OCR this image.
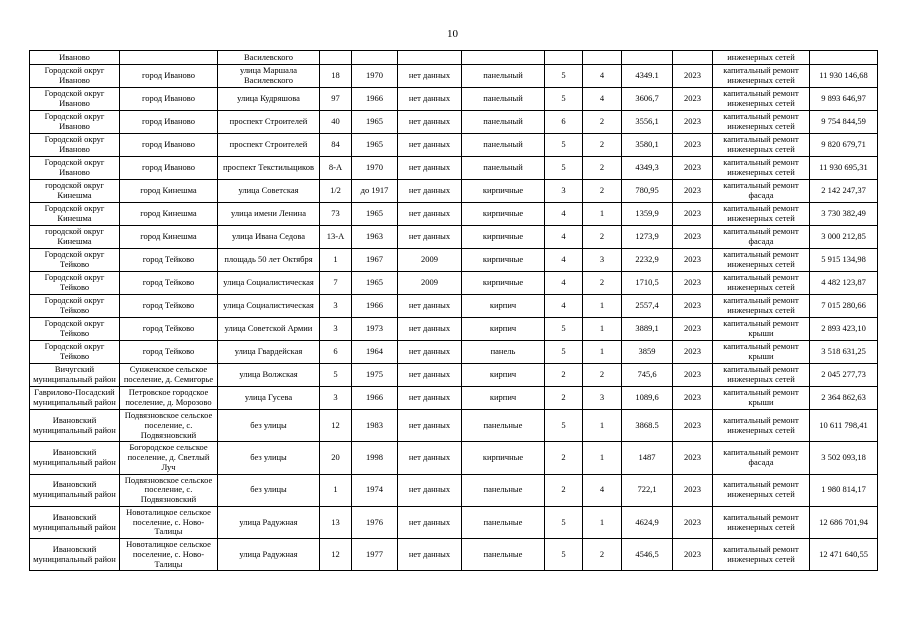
10
Иваново		Василевского									инженерных сетей	
Городской округ Иваново	город Иваново	улица Маршала Василевского	18	1970	нет данных	панельный	5	4	4349.1	2023	капитальный ремонт инженерных сетей	11 930 146,68
Городской округ Иваново	город Иваново	улица Кудряшова	97	1966	нет данных	панельный	5	4	3606,7	2023	капитальный ремонт инженерных сетей	9 893 646,97
Городской округ Иваново	город Иваново	проспект Строителей	40	1965	нет данных	панельный	6	2	3556,1	2023	капитальный ремонт инженерных сетей	9 754 844,59
Городской округ Иваново	город Иваново	проспект Строителей	84	1965	нет данных	панельный	5	2	3580,1	2023	капитальный ремонт инженерных сетей	9 820 679,71
Городской округ Иваново	город Иваново	проспект Текстильщиков	8-А	1970	нет данных	панельный	5	2	4349,3	2023	капитальный ремонт инженерных сетей	11 930 695,31
городской округ Кинешма	город Кинешма	улица Советская	1/2	до 1917	нет данных	кирпичные	3	2	780,95	2023	капитальный ремонт фасада	2 142 247,37
Городской округ Кинешма	город Кинешма	улица имени Ленина	73	1965	нет данных	кирпичные	4	1	1359,9	2023	капитальный ремонт инженерных сетей	3 730 382,49
городской округ Кинешма	город Кинешма	улица Ивана Седова	13-А	1963	нет данных	кирпичные	4	2	1273,9	2023	капитальный ремонт фасада	3 000 212,85
Городской округ Тейково	город Тейково	площадь 50 лет Октября	1	1967	2009	кирпичные	4	3	2232,9	2023	капитальный ремонт инженерных сетей	5 915 134,98
Городской округ Тейково	город Тейково	улица Социалистическая	7	1965	2009	кирпичные	4	2	1710,5	2023	капитальный ремонт инженерных сетей	4 482 123,87
Городской округ Тейково	город Тейково	улица Социалистическая	3	1966	нет данных	кирпич	4	1	2557,4	2023	капитальный ремонт инженерных сетей	7 015 280,66
Городской округ Тейково	город Тейково	улица Советской Армии	3	1973	нет данных	кирпич	5	1	3889,1	2023	капитальный ремонт крыши	2 893 423,10
Городской округ Тейково	город Тейково	улица Гвардейская	6	1964	нет данных	панель	5	1	3859	2023	капитальный ремонт крыши	3 518 631,25
Вичугский муниципальный район	Сунженское сельское поселение, д. Семигорье	улица Волжская	5	1975	нет данных	кирпич	2	2	745,6	2023	капитальный ремонт инженерных сетей	2 045 277,73
Гаврилово-Посадский муниципальный район	Петровское городское поселение, д. Морозово	улица Гусева	3	1966	нет данных	кирпич	2	3	1089,6	2023	капитальный ремонт крыши	2 364 862,63
Ивановский муниципальный район	Подвязновское сельское поселение, с. Подвязновский	без улицы	12	1983	нет данных	панельные	5	1	3868.5	2023	капитальный ремонт инженерных сетей	10 611 798,41
Ивановский муниципальный район	Богородское сельское поселение, д. Светлый Луч	без улицы	20	1998	нет данных	кирпичные	2	1	1487	2023	капитальный ремонт фасада	3 502 093,18
Ивановский муниципальный район	Подвязновское сельское поселение, с. Подвязновский	без улицы	1	1974	нет данных	панельные	2	4	722,1	2023	капитальный ремонт инженерных сетей	1 980 814,17
Ивановский муниципальный район	Новоталицкое сельское поселение, с. Ново-Талицы	улица Радужная	13	1976	нет данных	панельные	5	1	4624,9	2023	капитальный ремонт инженерных сетей	12 686 701,94
Ивановский муниципальный район	Новоталицкое сельское поселение, с. Ново-Талицы	улица Радужная	12	1977	нет данных	панельные	5	2	4546,5	2023	капитальный ремонт инженерных сетей	12 471 640,55
